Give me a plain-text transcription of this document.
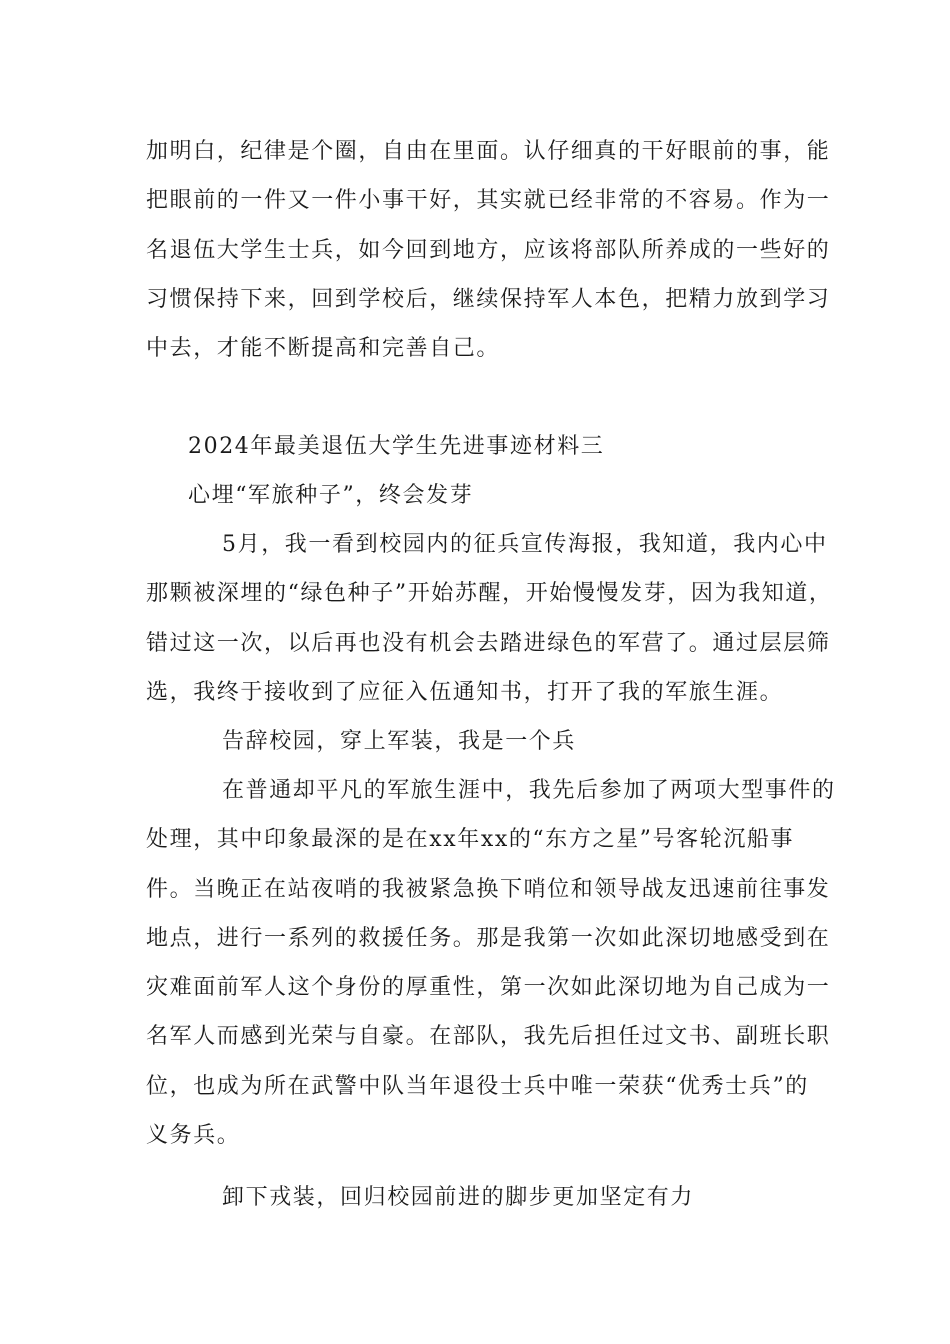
加明白，纪律是个圈，自由在里面。认仔细真的干好眼前的事，能

把眼前的一件又一件小事干好，其实就已经非常的不容易。作为一

名退伍大学生士兵，如今回到地方，应该将部队所养成的一些好的

习惯保持下来，回到学校后，继续保持军人本色，把精力放到学习

中去，才能不断提高和完善自己。

2024年最美退伍大学生先进事迹材料三

心埋“军旅种子”，终会发芽

5月，我一看到校园内的征兵宣传海报，我知道，我内心中

那颗被深埋的“绿色种子”开始苏醒，开始慢慢发芽，因为我知道，

错过这一次，以后再也没有机会去踏进绿色的军营了。通过层层筛

选，我终于接收到了应征入伍通知书，打开了我的军旅生涯。

告辞校园，穿上军装，我是一个兵

在普通却平凡的军旅生涯中，我先后参加了两项大型事件的

处理，其中印象最深的是在xx年xx的“东方之星”号客轮沉船事

件。当晚正在站夜哨的我被紧急换下哨位和领导战友迅速前往事发

地点，进行一系列的救援任务。那是我第一次如此深切地感受到在

灾难面前军人这个身份的厚重性，第一次如此深切地为自己成为一

名军人而感到光荣与自豪。在部队，我先后担任过文书、副班长职

位，也成为所在武警中队当年退役士兵中唯一荣获“优秀士兵”的

义务兵。

卸下戎装，回归校园前进的脚步更加坚定有力
